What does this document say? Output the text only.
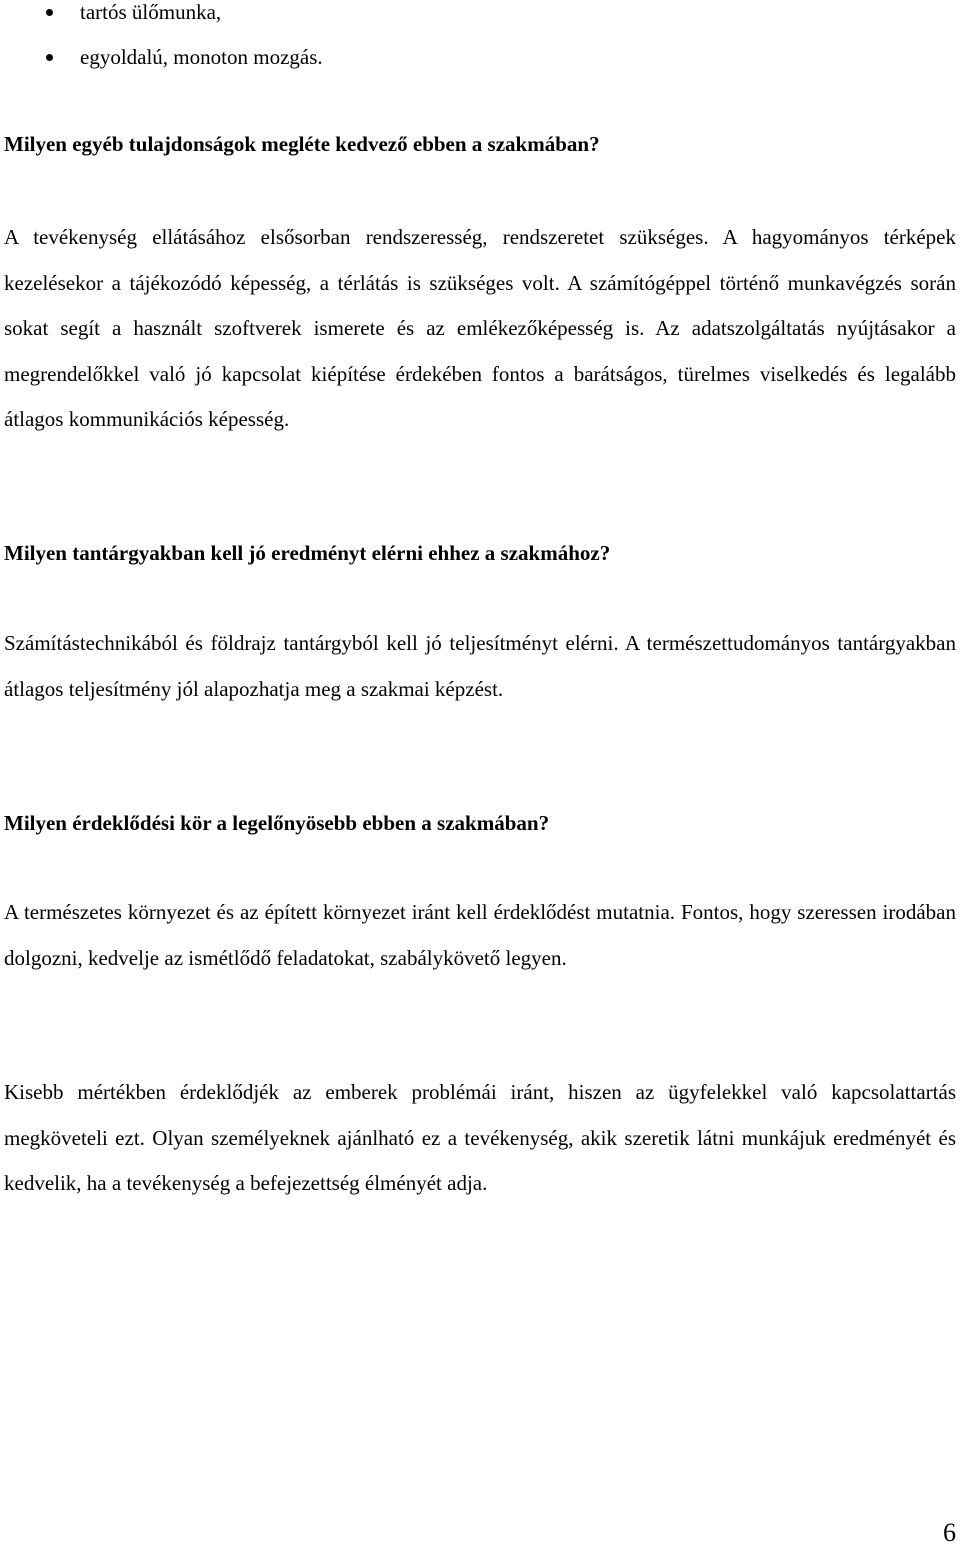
tartós ülőmunka,
egyoldalú, monoton mozgás.
Milyen egyéb tulajdonságok megléte kedvező ebben a szakmában?

A tevékenység ellátásához elsősorban rendszeresség, rendszeretet szükséges. A hagyományos térképek kezelésekor a tájékozódó képesség, a térlátás is szükséges volt. A számítógéppel történő munkavégzés során sokat segít a használt szoftverek ismerete és az emlékezőképesség is. Az adatszolgáltatás nyújtásakor a megrendelőkkel való jó kapcsolat kiépítése érdekében fontos a barátságos, türelmes viselkedés és legalább átlagos kommunikációs képesség.

Milyen tantárgyakban kell jó eredményt elérni ehhez a szakmához?

Számítástechnikából és földrajz tantárgyból kell jó teljesítményt elérni. A természettudományos tantárgyakban átlagos teljesítmény jól alapozhatja meg a szakmai képzést.

Milyen érdeklődési kör a legelőnyösebb ebben a szakmában?

A természetes környezet és az épített környezet iránt kell érdeklődést mutatnia. Fontos, hogy szeressen irodában dolgozni, kedvelje az ismétlődő feladatokat, szabálykövető legyen.

Kisebb mértékben érdeklődjék az emberek problémái iránt, hiszen az ügyfelekkel való kapcsolattartás megköveteli ezt. Olyan személyeknek ajánlható ez a tevékenység, akik szeretik látni munkájuk eredményét és kedvelik, ha a tevékenység a befejezettség élményét adja.

6
